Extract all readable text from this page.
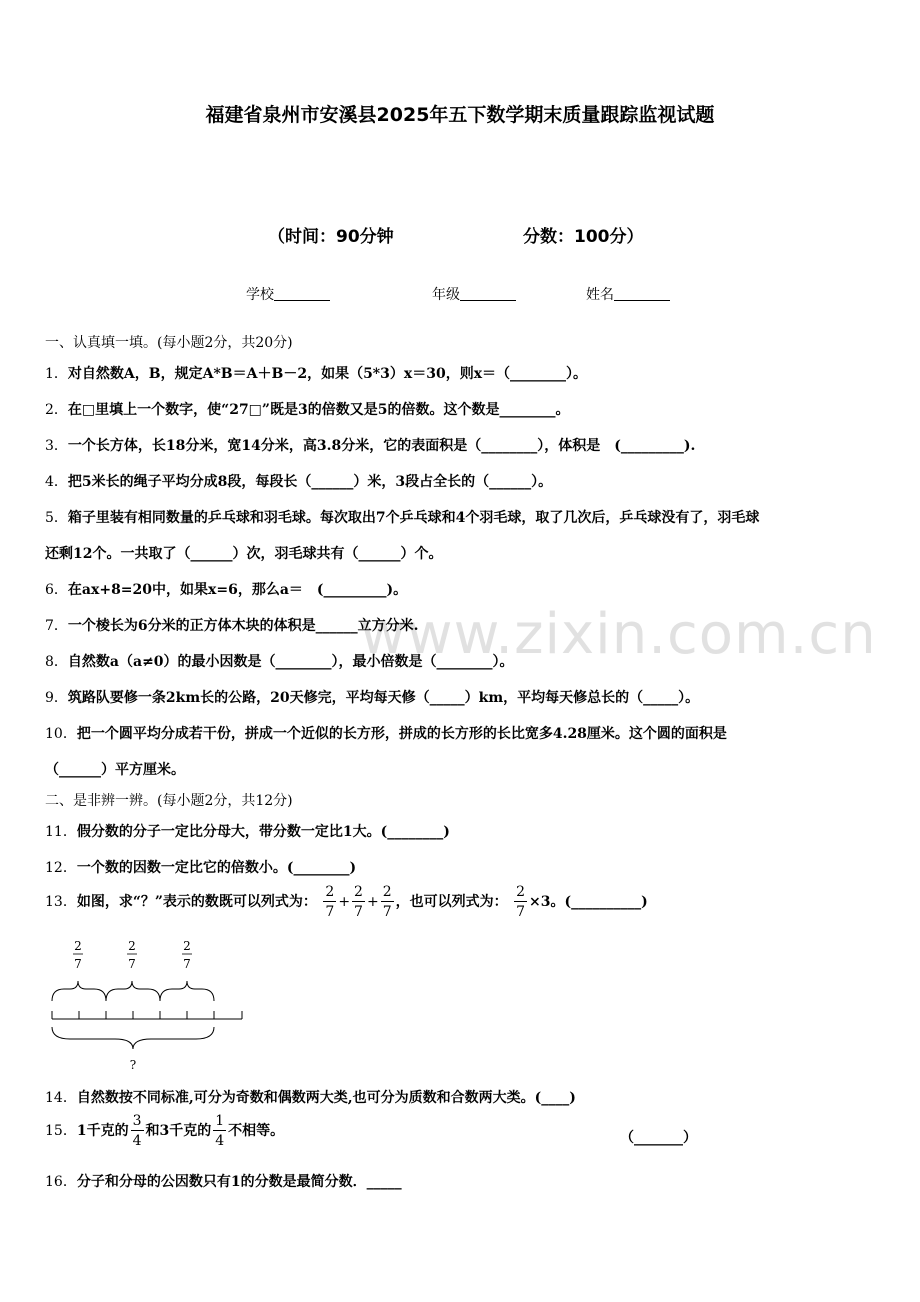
福建省泉州市安溪县2025年五下数学期末质量跟踪监视试题
（时间：90分钟	分数：100分）
学校	年级	姓名
www.zixin.com.cn
一、认真填一填。(每小题2分，共20分)
1．对自然数A，B，规定A*B＝A＋B－2，如果（5*3）x＝30，则x＝（________）。
2．在□里填上一个数字，使“27□”既是3的倍数又是5的倍数。这个数是________。
3．一个长方体，长18分米，宽14分米，高3.8分米，它的表面积是（________），体积是　(_________).
4．把5米长的绳子平均分成8段，每段长（______）米，3段占全长的（______）。
5．箱子里装有相同数量的乒乓球和羽毛球。每次取出7个乒乓球和4个羽毛球，取了几次后，乒乓球没有了，羽毛球
还剩12个。一共取了（______）次，羽毛球共有（______）个。
6．在ax+8=20中，如果x=6，那么a＝　(_________)。
7．一个棱长为6分米的正方体木块的体积是______立方分米.
8．自然数a（a≠0）的最小因数是（________），最小倍数是（________）。
9．筑路队要修一条2km长的公路，20天修完，平均每天修（_____）km，平均每天修总长的（_____）。
10．把一个圆平均分成若干份，拼成一个近似的长方形，拼成的长方形的长比宽多4.28厘米。这个圆的面积是
（______）平方厘米。
二、是非辨一辨。(每小题2分，共12分)
11．假分数的分子一定比分母大，带分数一定比1大。(________)
12．一个数的因数一定比它的倍数小。(________)
13．如图，求“？”表示的数既可以列式为： $\frac{2}{7} + \frac{2}{7} + \frac{2}{7}$ ，也可以列式为： $\frac{2}{7} \times 3$。(__________)
2
7
2
7
2
7
?
14．自然数按不同标准,可分为奇数和偶数两大类,也可分为质数和合数两大类。(____)
15．1千克的 $\frac{3}{4}$ 和3千克的 $\frac{1}{4}$ 不相等。	（_______）
16．分子和分母的公因数只有1的分数是最简分数．_____
